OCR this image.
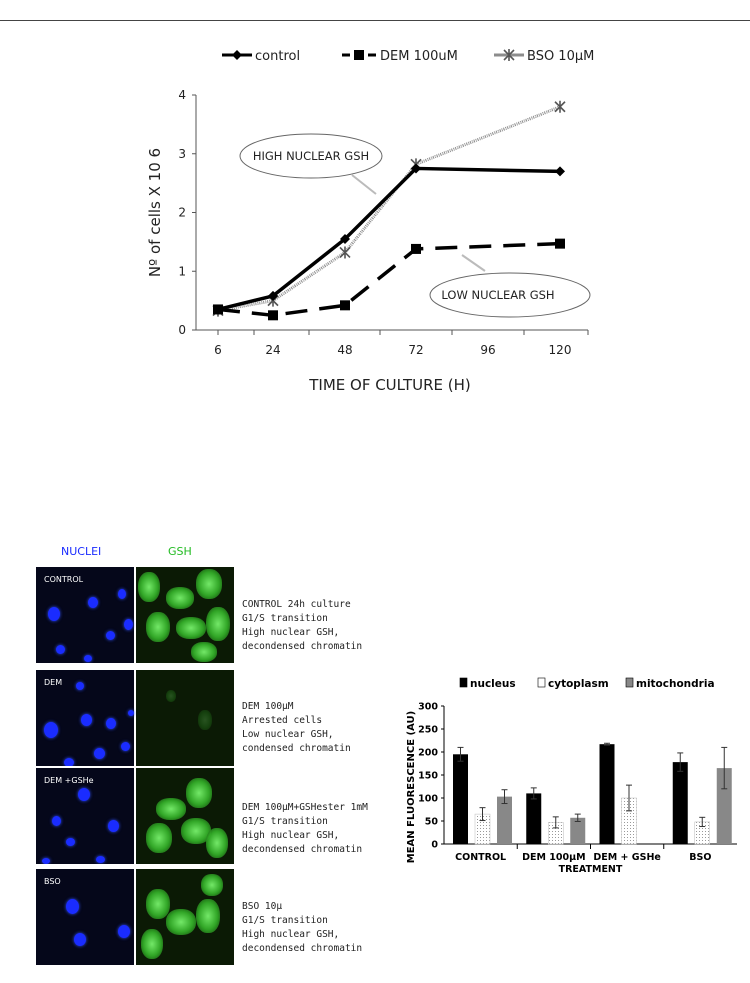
control	DEM 100uM	BSO 10μM
0
1
2
3
4
6	24	48	72	96	120
TIME OF CULTURE (H)
Nº of cells X 10 6	HIGH NUCLEAR GSH
LOW NUCLEAR GSH
NUCLEI	GSH
CONTROL
DEM
DEM +GSHe
BSO
CONTROL 24h culture
G1/S transition
High nuclear GSH,
decondensed chromatin
DEM 100μM
Arrested cells
Low nuclear GSH,
condensed chromatin
DEM 100μM+GSHester 1mM
G1/S transition
High nuclear GSH,
decondensed chromatin
BSO 10μ
G1/S transition
High nuclear GSH,
decondensed chromatin
nucleus	cytoplasm	mitochondria
0
50
100
150
200
250
300
CONTROL DEM 100μM DEM + GSHe	BSO
TREATMENT
MEAN FLUORESCENCE (AU)
